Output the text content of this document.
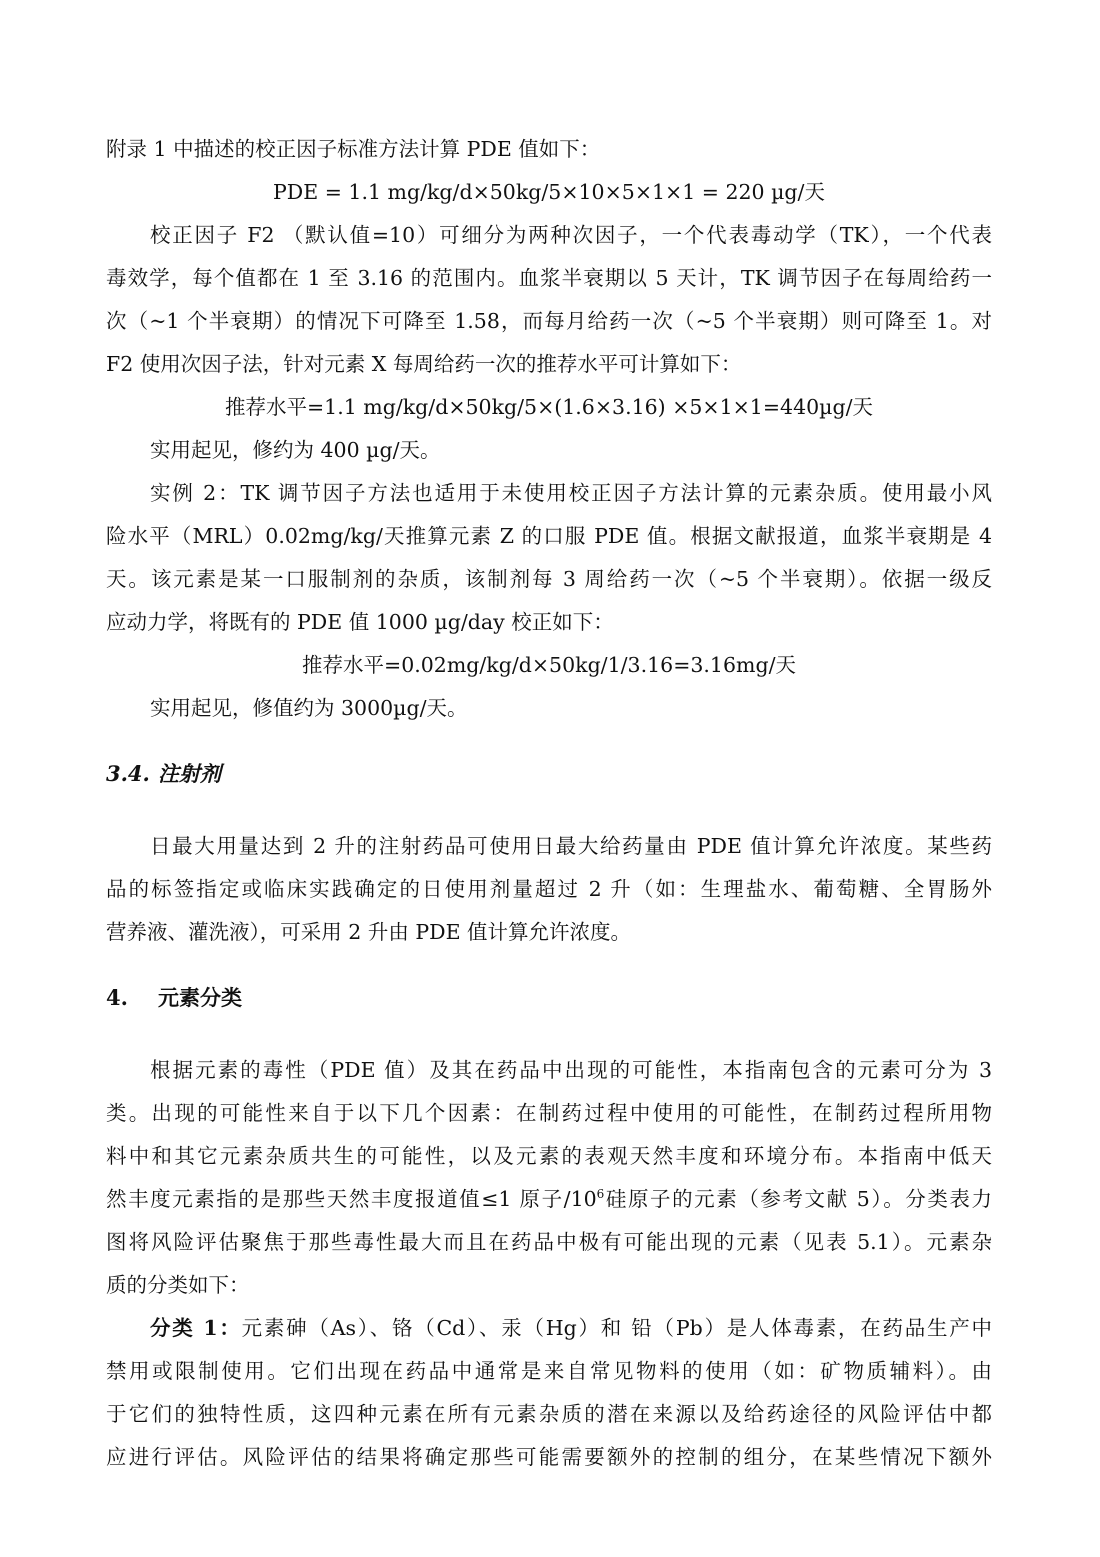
附录 1 中描述的校正因子标准方法计算 PDE 值如下：
PDE = 1.1 mg/kg/d×50kg/5×10×5×1×1 = 220 µg/天
校正因子 F2 （默认值=10）可细分为两种次因子，一个代表毒动学（TK），一个代表
毒效学，每个值都在 1 至 3.16 的范围内。血浆半衰期以 5 天计，TK 调节因子在每周给药一
次（~1 个半衰期）的情况下可降至 1.58，而每月给药一次（~5 个半衰期）则可降至 1。对
F2 使用次因子法，针对元素 X 每周给药一次的推荐水平可计算如下：
推荐水平=1.1 mg/kg/d×50kg/5×(1.6×3.16) ×5×1×1=440µg/天
实用起见，修约为 400 µg/天。
实例 2：TK 调节因子方法也适用于未使用校正因子方法计算的元素杂质。使用最小风
险水平（MRL）0.02mg/kg/天推算元素 Z 的口服 PDE 值。根据文献报道，血浆半衰期是 4
天。该元素是某一口服制剂的杂质，该制剂每 3 周给药一次（~5 个半衰期）。依据一级反
应动力学，将既有的 PDE 值 1000 µg/day 校正如下：
推荐水平=0.02mg/kg/d×50kg/1/3.16=3.16mg/天
实用起见，修值约为 3000µg/天。
3.4. 注射剂
日最大用量达到 2 升的注射药品可使用日最大给药量由 PDE 值计算允许浓度。某些药
品的标签指定或临床实践确定的日使用剂量超过 2 升（如：生理盐水、葡萄糖、全胃肠外
营养液、灌洗液），可采用 2 升由 PDE 值计算允许浓度。
4. 元素分类
根据元素的毒性（PDE 值）及其在药品中出现的可能性，本指南包含的元素可分为 3
类。出现的可能性来自于以下几个因素：在制药过程中使用的可能性，在制药过程所用物
料中和其它元素杂质共生的可能性，以及元素的表观天然丰度和环境分布。本指南中低天
然丰度元素指的是那些天然丰度报道值≤1 原子$/10^6$硅原子的元素（参考文献 5）。分类表力
图将风险评估聚焦于那些毒性最大而且在药品中极有可能出现的元素（见表 5.1）。元素杂
质的分类如下：
分类 1：元素砷（As）、铬（Cd）、汞（Hg）和 铅（Pb）是人体毒素，在药品生产中
禁用或限制使用。它们出现在药品中通常是来自常见物料的使用（如：矿物质辅料）。由
于它们的独特性质，这四种元素在所有元素杂质的潜在来源以及给药途径的风险评估中都
应进行评估。风险评估的结果将确定那些可能需要额外的控制的组分，在某些情况下额外
